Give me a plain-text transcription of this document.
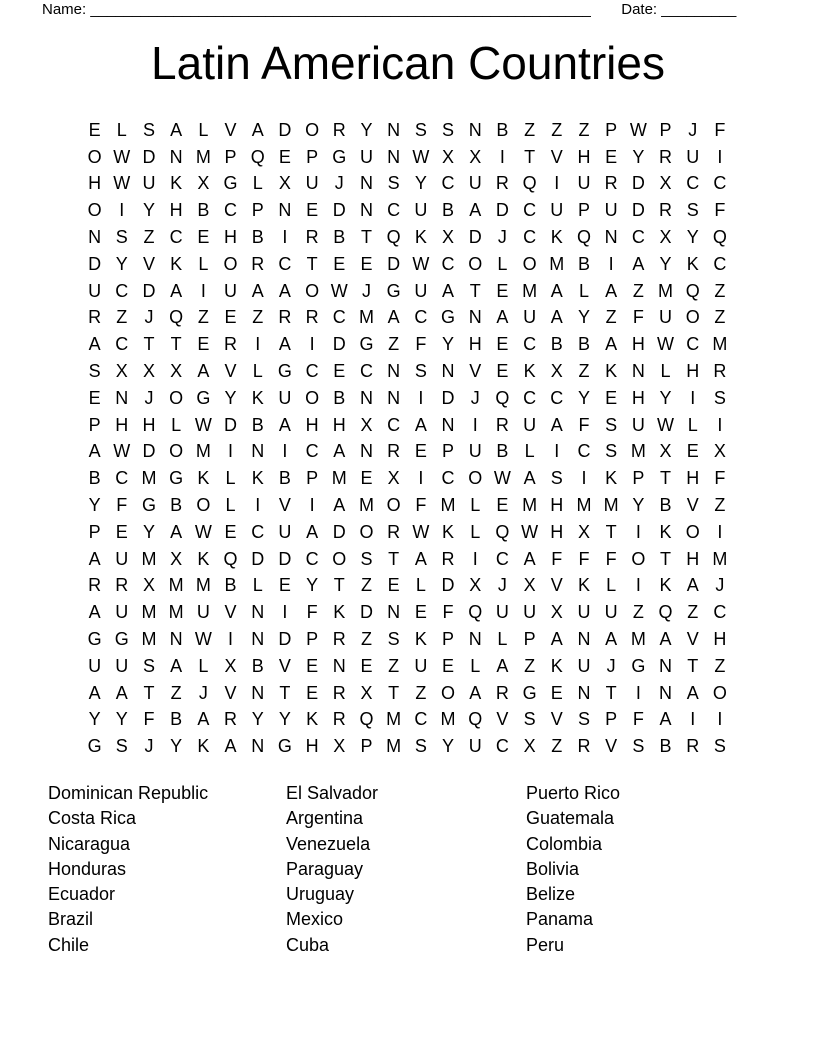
Name: ____________________________________________________________ Date: _________
Latin American Countries
E L S A L V A D O R Y N S S N B Z Z Z P W P J F
O W D N M P Q E P G U N W X X	I	T V H E Y R U	I
H W U K X G L X U J N S Y C U R Q I	U R D X C C
O I	Y H B C P N E D N C U B A D C U P U D R S F
N S Z C E H B	I	R B T Q K X D J C K Q N C X Y Q
D Y V K L O R C T E E D W C O L O M B	I	A Y K C
U C D A	I	U A A O W J G U A T E M A L A Z M Q Z
R Z J Q Z E Z R R C M A C G N A U A Y Z F U O Z
A C T T E R	I	A	I	D G Z F Y H E C B B A H W C M
S X X X A V L G C E C N S N V E K X Z K N L H R
E N J O G Y K U O B N N	I	D J Q C C Y E H Y	I	S
P H H L W D B A H H X C A N	I	R U A F S U W L	I
A W D O M I	N	I	C A N R E P U B L	I	C S M X E X
B C M G K L K B P M E X	I	C O W A S	I	K P T H F
Y F G B O L	I	V	I	A M O F M L E M H M M Y B V Z
P E Y A W E C U A D O R W K L Q W H X T	I	K O I
A U M X K Q D D C O S T A R	I	C A F F F O T H M
R R X M M B L E Y T Z E L D X J X V K L	I	K A J
A U M M U V N	I	F K D N E F Q U U X U U Z Q Z C
G G M N W I	N D P R Z S K P N L P A N A M A V H
U U S A L X B V E N E Z U E L A Z K U J G N T Z
A A T Z J V N T E R X T Z O A R G E N T	I	N A O
Y Y F B A R Y Y K R Q M C M Q V S V S P F A	I	I
G S J Y K A N G H X P M S Y U C X Z R V S B R S
Dominican Republic
Costa Rica
Nicaragua
Honduras
Ecuador
Brazil
Chile
El Salvador
Argentina
Venezuela
Paraguay
Uruguay
Mexico
Cuba
Puerto Rico
Guatemala
Colombia
Bolivia
Belize
Panama
Peru
